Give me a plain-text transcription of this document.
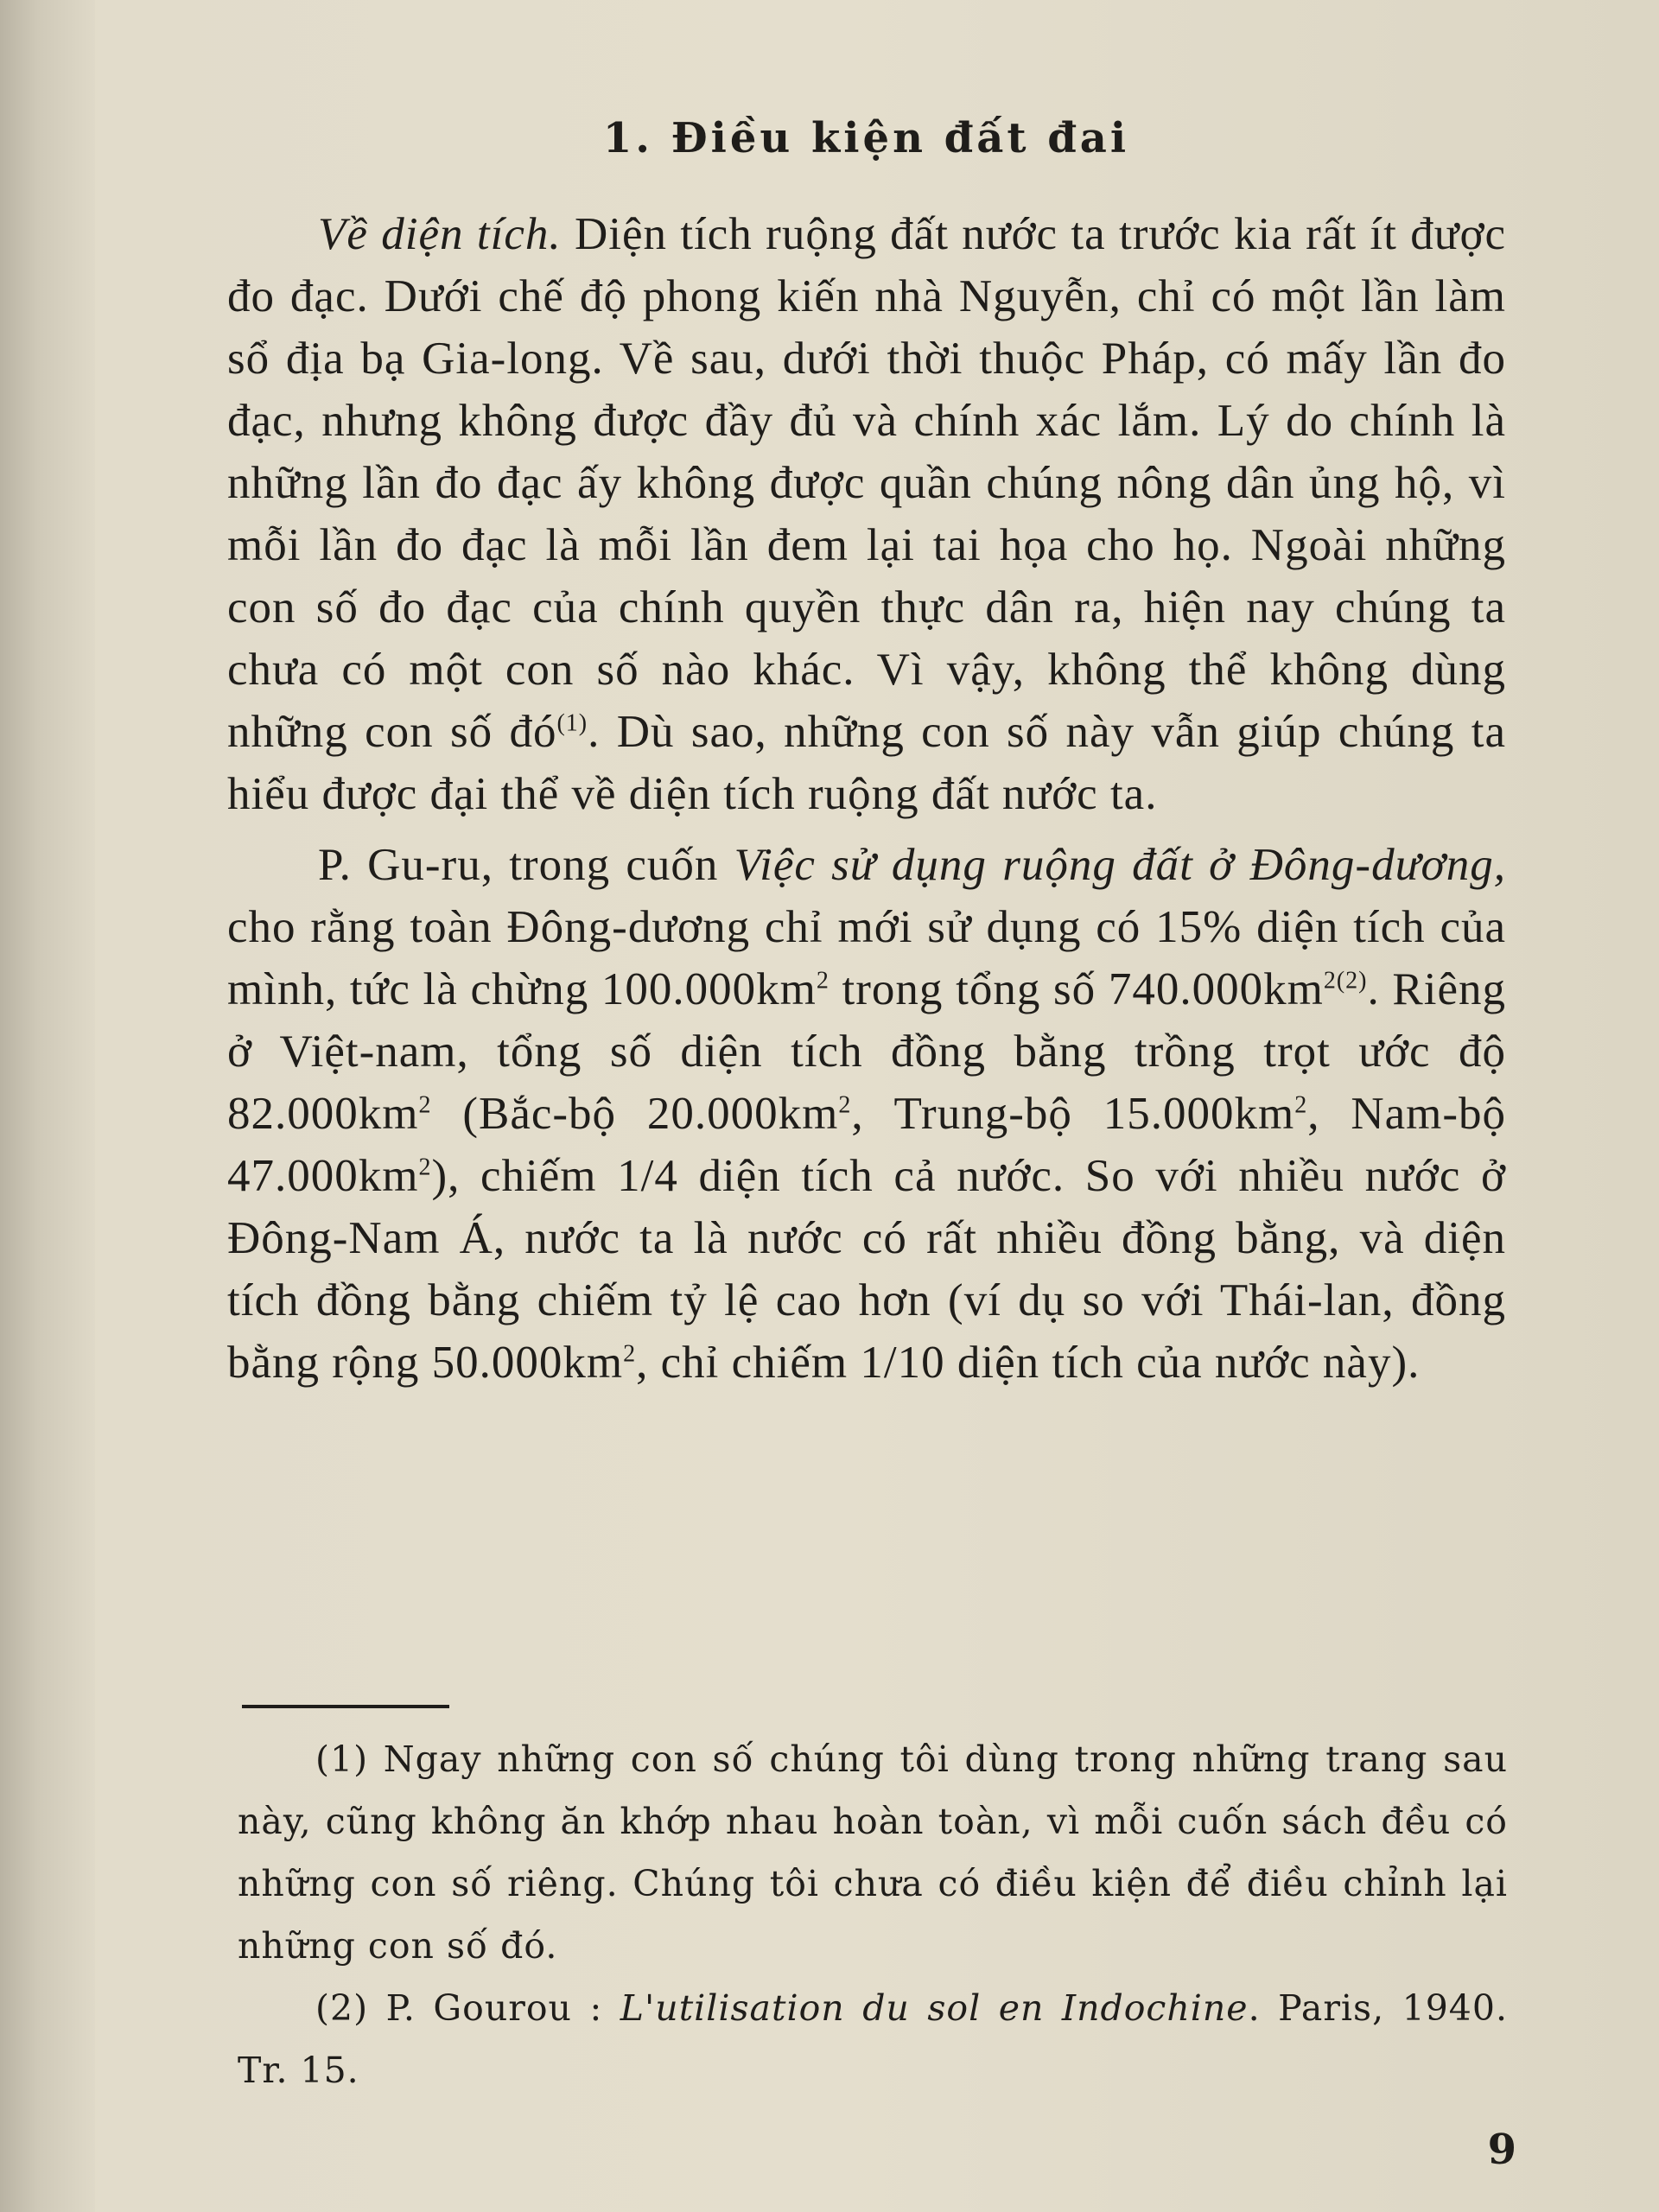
1. Điều kiện đất đai

Về diện tích. Diện tích ruộng đất nước ta trước kia rất ít được đo đạc. Dưới chế độ phong kiến nhà Nguyễn, chỉ có một lần làm sổ địa bạ Gia-long. Về sau, dưới thời thuộc Pháp, có mấy lần đo đạc, nhưng không được đầy đủ và chính xác lắm. Lý do chính là những lần đo đạc ấy không được quần chúng nông dân ủng hộ, vì mỗi lần đo đạc là mỗi lần đem lại tai họa cho họ. Ngoài những con số đo đạc của chính quyền thực dân ra, hiện nay chúng ta chưa có một con số nào khác. Vì vậy, không thể không dùng những con số $đó^{(1)}$. Dù sao, những con số này vẫn giúp chúng ta hiểu được đại thể về diện tích ruộng đất nước ta.

P. Gu-ru, trong cuốn Việc sử dụng ruộng đất ở Đông-dương, cho rằng toàn Đông-dương chỉ mới sử dụng có 15% diện tích của mình, tức là chừng $100.000km^2$ trong tổng số $740.000km^{2(2)}$. Riêng ở Việt-nam, tổng số diện tích đồng bằng trồng trọt ước độ $82.000km^2$ (Bắc-bộ $20.000km^2$, Trung-bộ $15.000km^2$, Nam-bộ $47.000km^2$), chiếm 1/4 diện tích cả nước. So với nhiều nước ở Đông-Nam Á, nước ta là nước có rất nhiều đồng bằng, và diện tích đồng bằng chiếm tỷ lệ cao hơn (ví dụ so với Thái-lan, đồng bằng rộng $50.000km^2$, chỉ chiếm 1/10 diện tích của nước này).

(1) Ngay những con số chúng tôi dùng trong những trang sau này, cũng không ăn khớp nhau hoàn toàn, vì mỗi cuốn sách đều có những con số riêng. Chúng tôi chưa có điều kiện để điều chỉnh lại những con số đó.

(2) P. Gourou : L'utilisation du sol en Indochine. Paris, 1940. Tr. 15.

9
